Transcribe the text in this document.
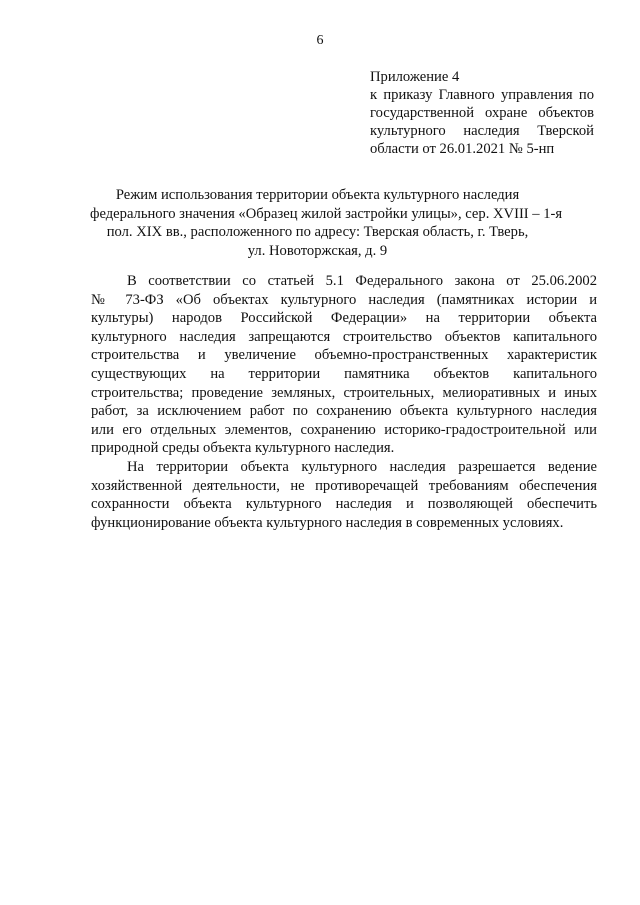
6
Приложение 4
к приказу Главного управления по
государственной охране объектов
культурного наследия Тверской
области от 26.01.2021 № 5-нп
Режим использования территории объекта культурного наследия
федерального значения «Образец жилой застройки улицы», сер. XVIII – 1-я
пол. XIX вв., расположенного по адресу: Тверская область, г. Тверь,
ул. Новоторжская, д. 9
В соответствии со статьей 5.1 Федерального закона от 25.06.2002
№ 73-ФЗ «Об объектах культурного наследия (памятниках истории и
культуры) народов Российской Федерации» на территории объекта
культурного наследия запрещаются строительство объектов капитального
строительства и увеличение объемно-пространственных характеристик
существующих на территории памятника объектов капитального
строительства; проведение земляных, строительных, мелиоративных и иных
работ, за исключением работ по сохранению объекта культурного наследия
или его отдельных элементов, сохранению историко-градостроительной или
природной среды объекта культурного наследия.
На территории объекта культурного наследия разрешается ведение
хозяйственной деятельности, не противоречащей требованиям обеспечения
сохранности объекта культурного наследия и позволяющей обеспечить
функционирование объекта культурного наследия в современных условиях.
